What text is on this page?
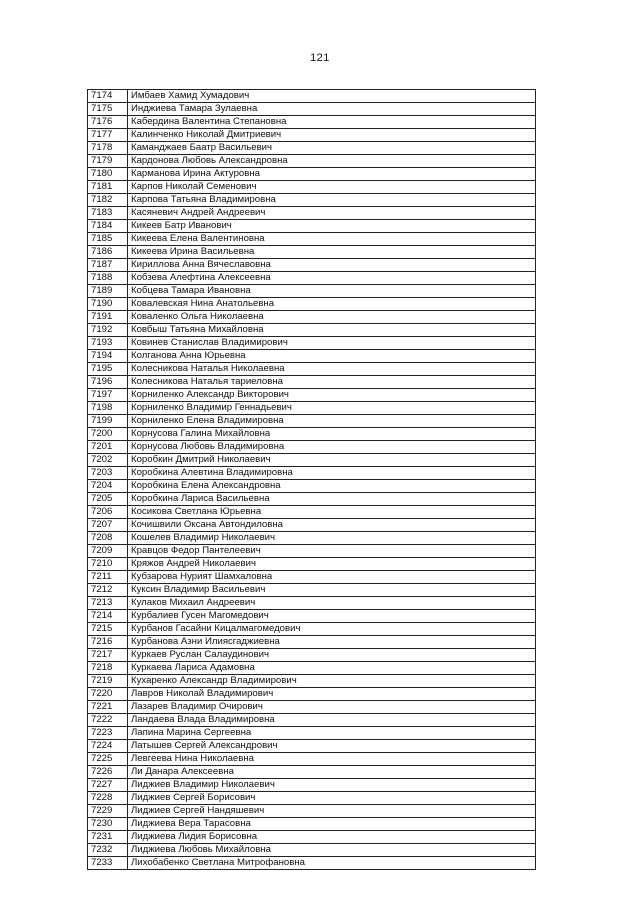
121
7174	Имбаев Хамид Хумадович
7175	Инджиева Тамара Зулаевна
7176	Кабердина Валентина Степановна
7177	Калинченко Николай Дмитриевич
7178	Каманджаев Баатр Васильевич
7179	Кардонова Любовь Александровна
7180	Карманова Ирина Актуровна
7181	Карпов Николай Семенович
7182	Карпова Татьяна Владимировна
7183	Касяневич Андрей Андреевич
7184	Кикеев Батр Иванович
7185	Кикеева Елена Валентиновна
7186	Кикеева Ирина Васильевна
7187	Кириллова Анна Вячеславовна
7188	Кобзева Алефтина Алексеевна
7189	Кобцева Тамара Ивановна
7190	Ковалевская Нина Анатольевна
7191	Коваленко Ольга Николаевна
7192	Ковбыш Татьяна Михайловна
7193	Ковинев Станислав Владимирович
7194	Колганова Анна Юрьевна
7195	Колесникова Наталья Николаевна
7196	Колесникова Наталья тариеловна
7197	Корниленко Александр Викторович
7198	Корниленко Владимир Геннадьевич
7199	Корниленко Елена Владимировна
7200	Корнусова Галина Михайловна
7201	Корнусова Любовь Владимировна
7202	Коробкин Дмитрий Николаевич
7203	Коробкина Алевтина Владимировна
7204	Коробкина Елена Александровна
7205	Коробкина Лариса Васильевна
7206	Косикова Светлана Юрьевна
7207	Кочишвили Оксана Автондиловна
7208	Кошелев Владимир Николаевич
7209	Кравцов Федор Пантелеевич
7210	Кряжов Андрей Николаевич
7211	Кубзарова Нурият Шамхаловна
7212	Куксин Владимир Васильевич
7213	Кулаков Михаил Андреевич
7214	Курбалиев Гусен Магомедович
7215	Курбанов Гасайни Кицалмагомедович
7216	Курбанова Азни Илиясгаджиевна
7217	Куркаев Руслан Салаудинович
7218	Куркаева Лариса Адамовна
7219	Кухаренко Александр Владимирович
7220	Лавров Николай Владимирович
7221	Лазарев Владимир Очирович
7222	Ландаева Влада Владимировна
7223	Лапина Марина Сергеевна
7224	Латышев Сергей Александрович
7225	Левгеева Нина Николаевна
7226	Ли Данара Алексеевна
7227	Лиджиев Владимир Николаевич
7228	Лиджиев Сергей Борисович
7229	Лиджиев Сергей Нандяшевич
7230	Лиджиева Вера Тарасовна
7231	Лиджиева Лидия Борисовна
7232	Лиджиева Любовь Михайловна
7233	Лихобабенко Светлана Митрофановна
